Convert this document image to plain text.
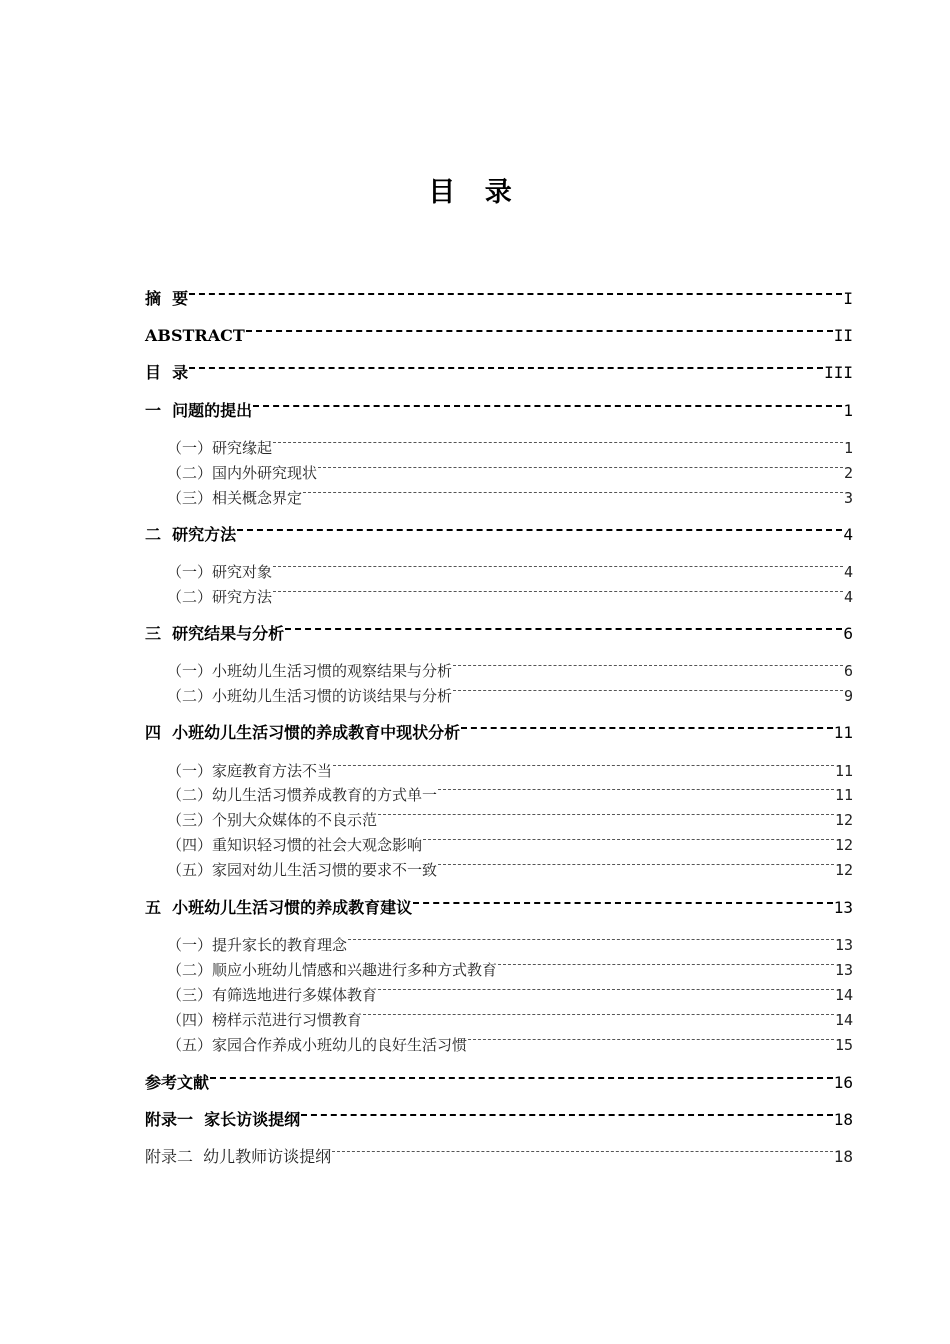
目 录
摘  要	I
ABSTRACT	II
目  录	III
一  问题的提出	1
（一）研究缘起	1
（二）国内外研究现状	2
（三）相关概念界定	3
二  研究方法	4
（一）研究对象	4
（二）研究方法	4
三  研究结果与分析	6
（一）小班幼儿生活习惯的观察结果与分析	6
（二）小班幼儿生活习惯的访谈结果与分析	9
四  小班幼儿生活习惯的养成教育中现状分析	11
（一）家庭教育方法不当	11
（二）幼儿生活习惯养成教育的方式单一	11
（三）个别大众媒体的不良示范	12
（四）重知识轻习惯的社会大观念影响	12
（五）家园对幼儿生活习惯的要求不一致	12
五  小班幼儿生活习惯的养成教育建议	13
（一）提升家长的教育理念	13
（二）顺应小班幼儿情感和兴趣进行多种方式教育	13
（三）有筛选地进行多媒体教育	14
（四）榜样示范进行习惯教育	14
（五）家园合作养成小班幼儿的良好生活习惯	15
参考文献	16
附录一  家长访谈提纲	18
附录二  幼儿教师访谈提纲	18
